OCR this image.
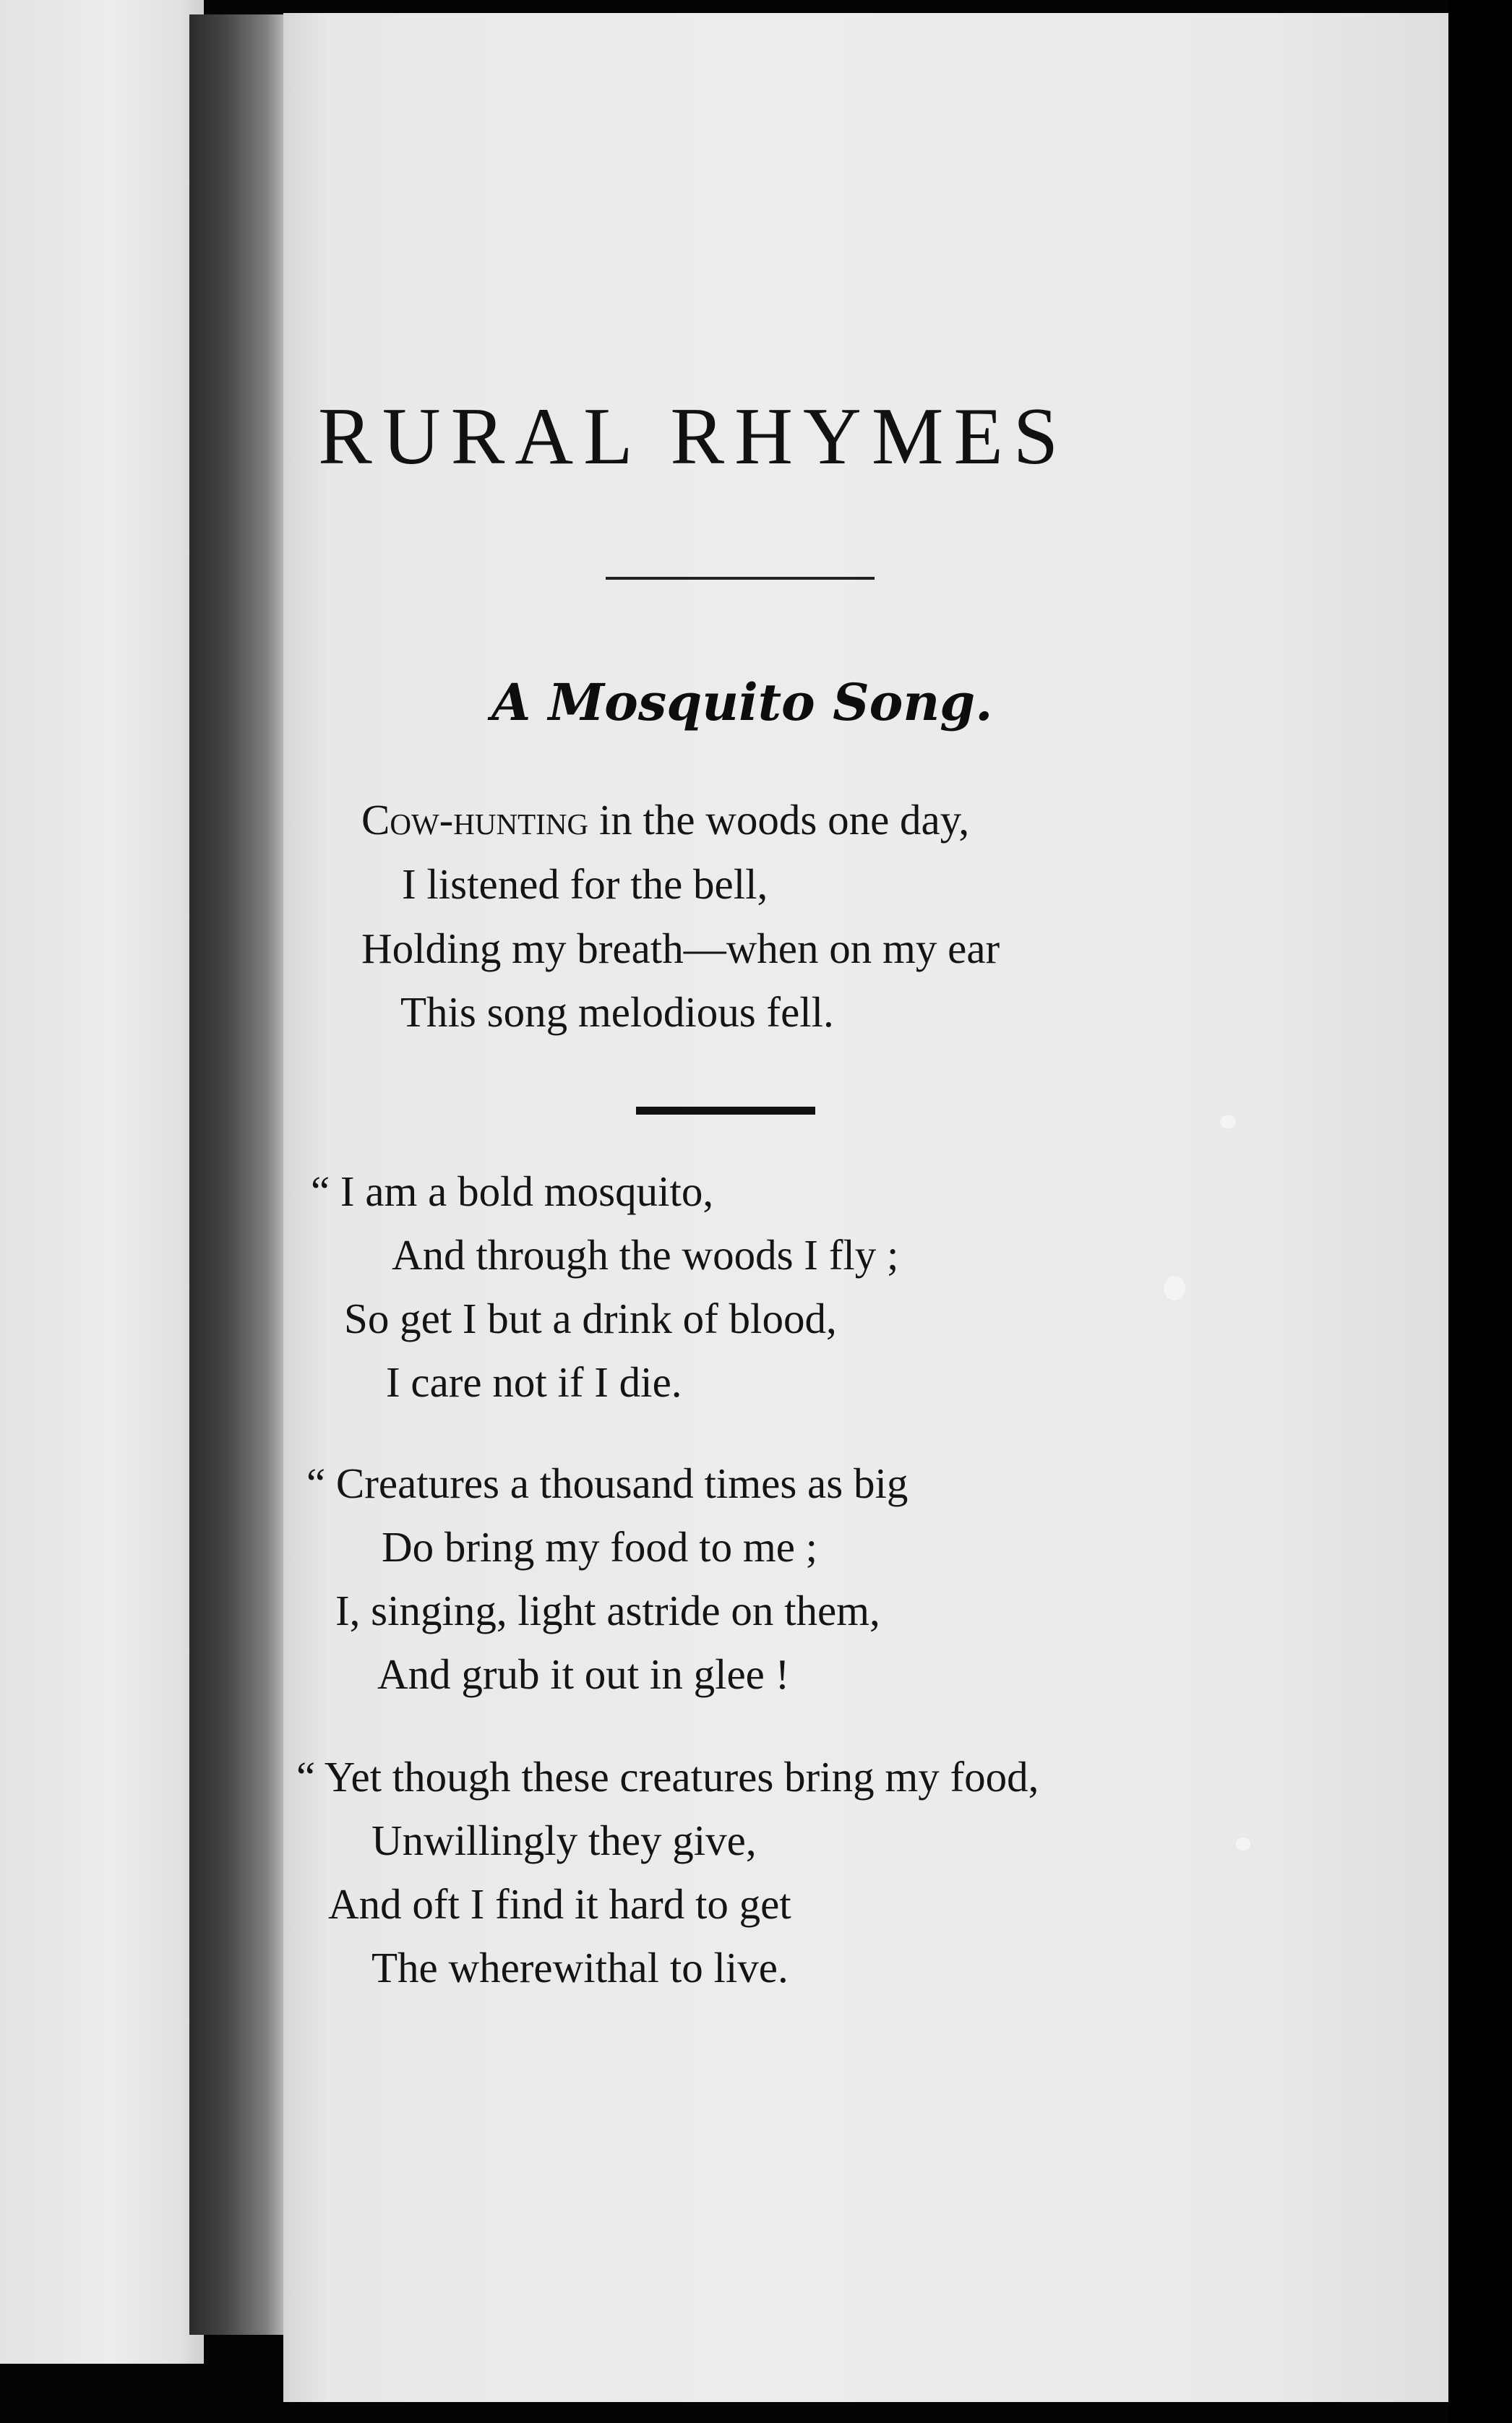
RURAL RHYMES
A Mosquito Song.
Cow-hunting in the woods one day,
I listened for the bell,
Holding my breath—when on my ear
This song melodious fell.
“ I am a bold mosquito,
And through the woods I fly ;
So get I but a drink of blood,
I care not if I die.
“ Creatures a thousand times as big
Do bring my food to me ;
I, singing, light astride on them,
And grub it out in glee !
“ Yet though these creatures bring my food,
Unwillingly they give,
And oft I find it hard to get
The wherewithal to live.
